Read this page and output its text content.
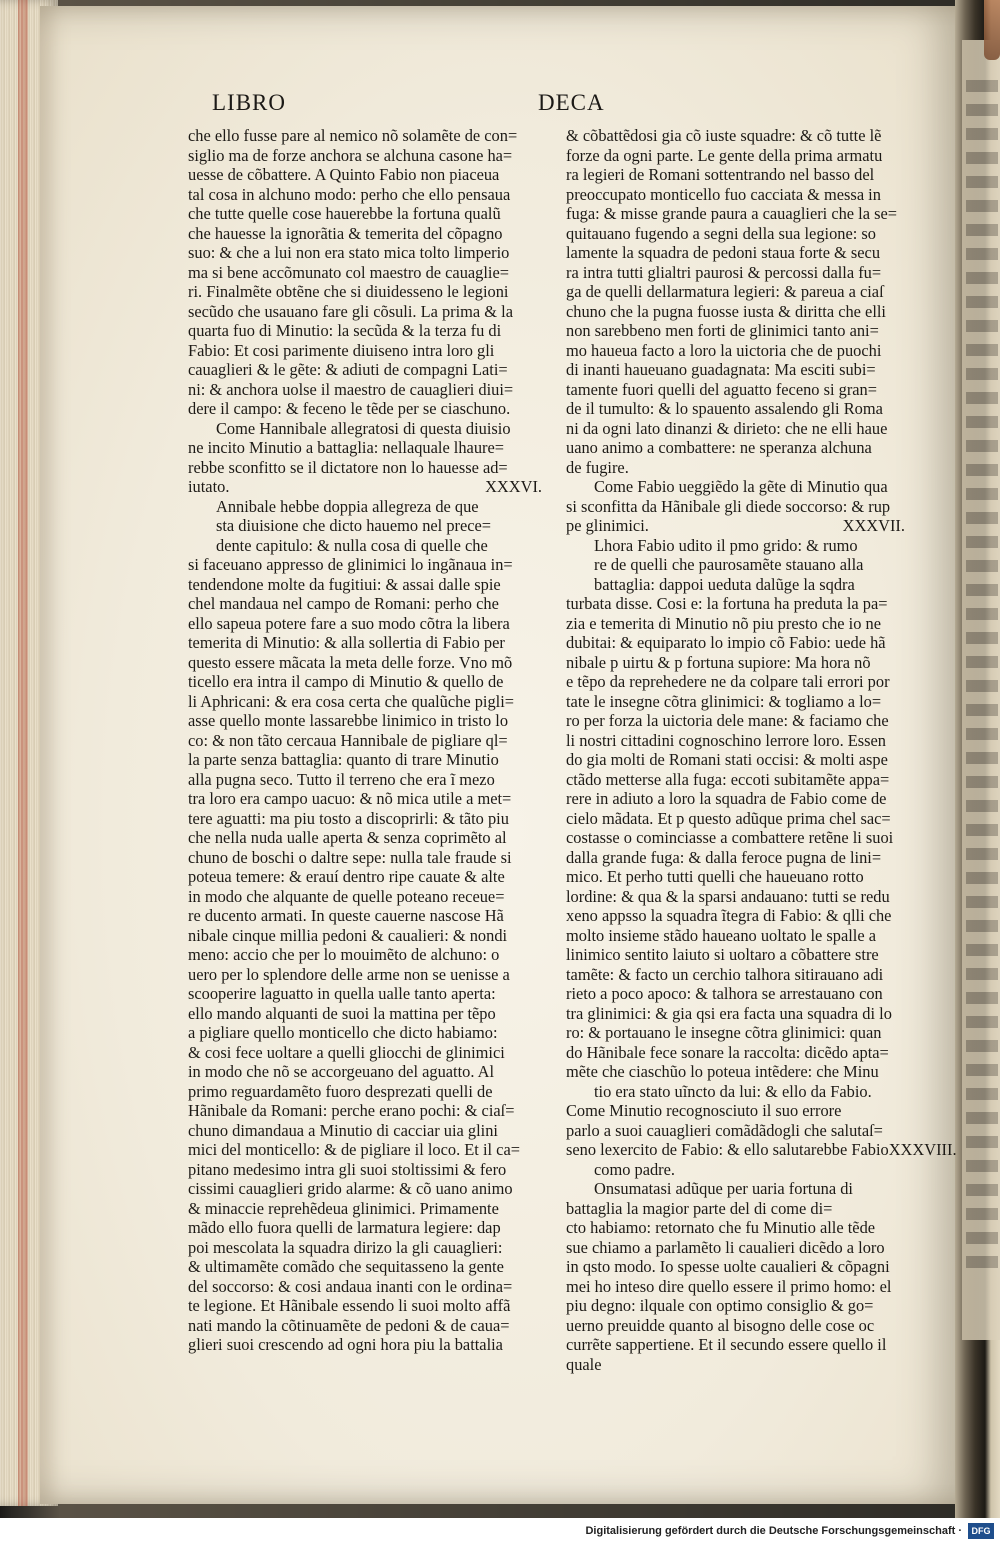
LIBRO	DECA
che ello fusse pare al nemico nõ solamẽte de con=
siglio ma de forze anchora se alchuna casone ha=
uesse de cõbattere. A Quinto Fabio non piaceua
tal cosa in alchuno modo: perho che ello pensaua
che tutte quelle cose hauerebbe la fortuna qualũ
che hauesse la ignorãtia & temerita del cõpagno
suo: & che a lui non era stato mica tolto limperio
ma si bene accõmunato col maestro de cauaglie=
ri. Finalmẽte obtẽne che si diuidesseno le legioni
secũdo che usauano fare gli cõsuli. La prima & la
quarta fuo di Minutio: la secũda & la terza fu di
Fabio: Et cosi parimente diuiseno intra loro gli
cauaglieri & le gẽte: & adiuti de compagni Lati=
ni: & anchora uolse il maestro de cauaglieri diui=
dere il campo: & feceno le tẽde per se ciaschuno.
Come Hannibale allegratosi di questa diuisio
ne incito Minutio a battaglia: nellaquale lhaure=
rebbe sconfitto se il dictatore non lo hauesse ad=
iutato.	XXXVI.
Annibale hebbe doppia allegreza de que
sta diuisione che dicto hauemo nel prece=
dente capitulo: & nulla cosa di quelle che
si faceuano appresso de glinimici lo ingãnaua in=
tendendone molte da fugitiui: & assai dalle spie
chel mandaua nel campo de Romani: perho che
ello sapeua potere fare a suo modo cõtra la libera
temerita di Minutio: & alla sollertia di Fabio per
questo essere mãcata la meta delle forze. Vno mõ
ticello era intra il campo di Minutio & quello de
li Aphricani: & era cosa certa che qualũche pigli=
asse quello monte lassarebbe linimico in tristo lo
co: & non tãto cercaua Hannibale de pigliare ql=
la parte senza battaglia: quanto di trare Minutio
alla pugna seco. Tutto il terreno che era ĩ mezo
tra loro era campo uacuo: & nõ mica utile a met=
tere aguatti: ma piu tosto a discoprirli: & tãto piu
che nella nuda ualle aperta & senza coprimẽto al
chuno de boschi o daltre sepe: nulla tale fraude si
poteua temere: & erauí dentro ripe cauate & alte
in modo che alquante de quelle poteano receue=
re ducento armati. In queste cauerne nascose Hã
nibale cinque millia pedoni & caualieri: & nondi
meno: accio che per lo mouimẽto de alchuno: o
uero per lo splendore delle arme non se uenisse a
scooperire laguatto in quella ualle tanto aperta:
ello mando alquanti de suoi la mattina per tẽpo
a pigliare quello monticello che dicto habiamo:
& cosi fece uoltare a quelli gliocchi de glinimici
in modo che nõ se accorgeuano del aguatto. Al
primo reguardamẽto fuoro desprezati quelli de
Hãnibale da Romani: perche erano pochi: & ciaſ=
chuno dimandaua a Minutio di cacciar uia glini
mici del monticello: & de pigliare il loco. Et il ca=
pitano medesimo intra gli suoi stoltissimi & fero
cissimi cauaglieri grido alarme: & cõ uano animo
& minaccie reprehẽdeua glinimici. Primamente
mãdo ello fuora quelli de larmatura legiere: dap
poi mescolata la squadra dirizo la gli cauaglieri:
& ultimamẽte comãdo che sequitasseno la gente
del soccorso: & cosi andaua inanti con le ordina=
te legione. Et Hãnibale essendo li suoi molto affã
nati mando la cõtinuamẽte de pedoni & de caua=
glieri suoi crescendo ad ogni hora piu la battalia
& cõbattẽdosi gia cõ iuste squadre: & cõ tutte lẽ
forze da ogni parte. Le gente della prima armatu
ra legieri de Romani sottentrando nel basso del
preoccupato monticello fuo cacciata & messa in
fuga: & misse grande paura a cauaglieri che la se=
quitauano fugendo a segni della sua legione: so
lamente la squadra de pedoni staua forte & secu
ra intra tutti glialtri paurosi & percossi dalla fu=
ga de quelli dellarmatura legieri: & pareua a ciaſ
chuno che la pugna fuosse iusta & diritta che elli
non sarebbeno men forti de glinimici tanto ani=
mo haueua facto a loro la uictoria che de puochi
di inanti haueuano guadagnata: Ma esciti subi=
tamente fuori quelli del aguatto feceno si gran=
de il tumulto: & lo spauento assalendo gli Roma
ni da ogni lato dinanzi & dirieto: che ne elli haue
uano animo a combattere: ne speranza alchuna
de fugire.
Come Fabio ueggiẽdo la gẽte di Minutio qua
si sconfitta da Hãnibale gli diede soccorso: & rup
pe glinimici.	XXXVII.
Lhora Fabio udito il pmo grido: & rumo
re de quelli che paurosamẽte stauano alla
battaglia: dappoi ueduta dalũge la sqdra
turbata disse. Cosi e: la fortuna ha preduta la pa=
zia e temerita di Minutio nõ piu presto che io ne
dubitai: & equiparato lo impio cõ Fabio: uede hã
nibale p uirtu & p fortuna supiore: Ma hora nõ
e tẽpo da reprehedere ne da colpare tali errori por
tate le insegne cõtra glinimici: & togliamo a lo=
ro per forza la uictoria dele mane: & faciamo che
li nostri cittadini cognoschino lerrore loro. Essen
do gia molti de Romani stati occisi: & molti aspe
ctãdo metterse alla fuga: eccoti subitamẽte appa=
rere in adiuto a loro la squadra de Fabio come de
cielo mãdata. Et p questo adũque prima chel sac=
costasse o cominciasse a combattere retẽne li suoi
dalla grande fuga: & dalla feroce pugna de lini=
mico. Et perho tutti quelli che haueuano rotto
lordine: & qua & la sparsi andauano: tutti se redu
xeno appsso la squadra ĩtegra di Fabio: & qlli che
molto insieme stãdo haueano uoltato le spalle a
linimico sentito laiuto si uoltaro a cõbattere stre
tamẽte: & facto un cerchio talhora sitirauano adi
rieto a poco apoco: & talhora se arrestauano con
tra glinimici: & gia qsi era facta una squadra di lo
ro: & portauano le insegne cõtra glinimici: quan
do Hãnibale fece sonare la raccolta: dicẽdo apta=
mẽte che ciaschũo lo poteua intẽdere: che Minu
tio era stato uĩncto da lui: & ello da Fabio.
Come Minutio recognosciuto il suo errore
parlo a suoi cauaglieri comãdãdogli che salutaſ=
seno lexercito de Fabio: & ello salutarebbe Fabio XXXVIII.
como padre.
Onsumatasi adũque per uaria fortuna di
battaglia la magior parte del di come di=
cto habiamo: retornato che fu Minutio alle tẽde
sue chiamo a parlamẽto li caualieri dicẽdo a loro
in qsto modo. Io spesse uolte caualieri & cõpagni
mei ho inteso dire quello essere il primo homo: el
piu degno: ilquale con optimo consiglio & go=
uerno preuidde quanto al bisogno delle cose oc
currẽte sappertiene. Et il secundo essere quello il
quale
Digitalisierung gefördert durch die Deutsche Forschungsgemeinschaft ·	DFG
